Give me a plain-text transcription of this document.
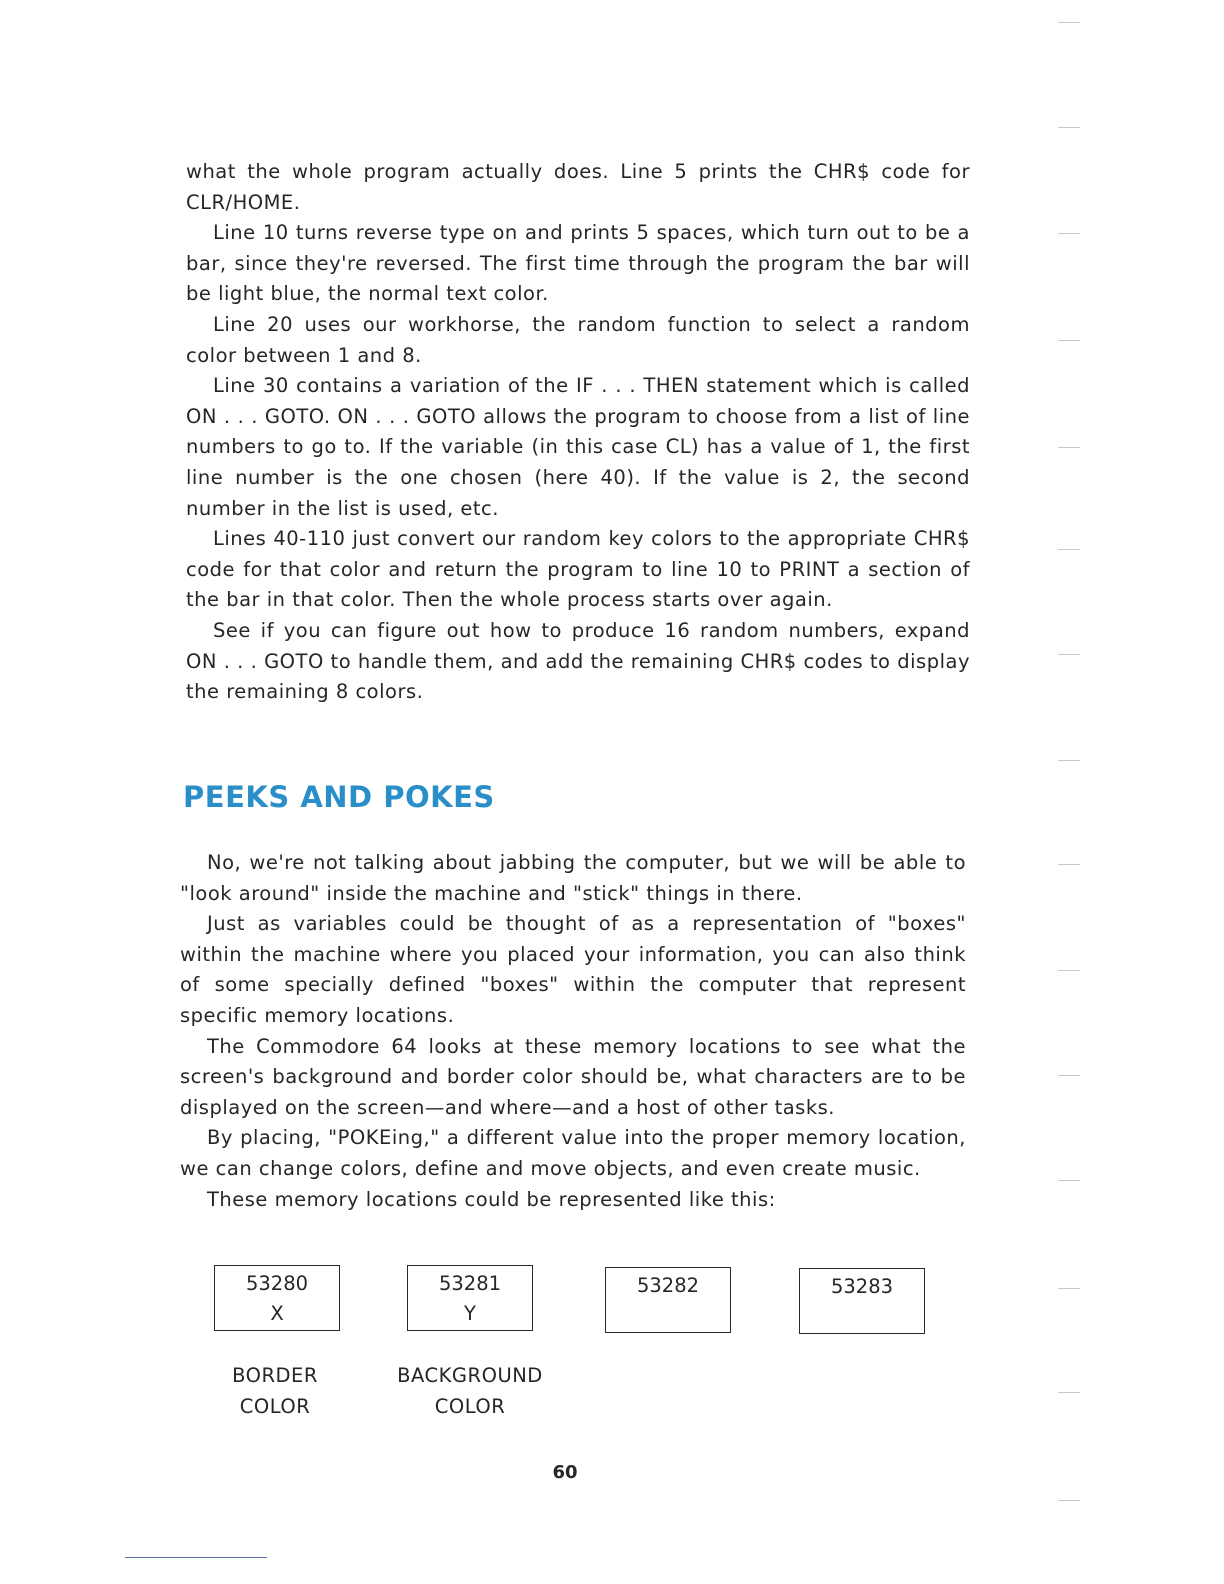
what the whole program actually does. Line 5 prints the CHR$ code for CLR/HOME.

Line 10 turns reverse type on and prints 5 spaces, which turn out to be a bar, since they're reversed. The first time through the program the bar will be light blue, the normal text color.

Line 20 uses our workhorse, the random function to select a random color between 1 and 8.

Line 30 contains a variation of the IF . . . THEN statement which is called ON . . . GOTO. ON . . . GOTO allows the program to choose from a list of line numbers to go to. If the variable (in this case CL) has a value of 1, the first line number is the one chosen (here 40). If the value is 2, the second number in the list is used, etc.

Lines 40-110 just convert our random key colors to the appropriate CHR$ code for that color and return the program to line 10 to PRINT a section of the bar in that color. Then the whole process starts over again.

See if you can figure out how to produce 16 random numbers, expand ON . . . GOTO to handle them, and add the remaining CHR$ codes to display the remaining 8 colors.

PEEKS AND POKES

No, we're not talking about jabbing the computer, but we will be able to "look around" inside the machine and "stick" things in there.

Just as variables could be thought of as a representation of "boxes" within the machine where you placed your information, you can also think of some specially defined "boxes" within the computer that represent specific memory locations.

The Commodore 64 looks at these memory locations to see what the screen's background and border color should be, what characters are to be displayed on the screen—and where—and a host of other tasks.

By placing, "POKEing," a different value into the proper memory location, we can change colors, define and move objects, and even create music.

These memory locations could be represented like this:

53280
X
53281
Y
53282	53283
BORDER
COLOR
BACKGROUND
COLOR
60
